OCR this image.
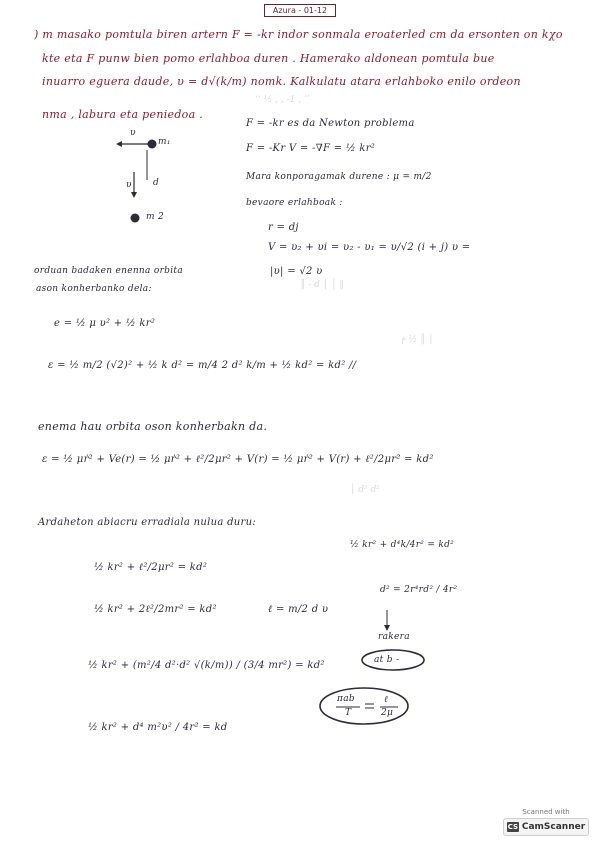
‘‘ ½ , , -1 , ’’
║ - d │ │ ‖
╒ ½ ║ │
│ d² d²
Azura - 01-12
) m masako pomtula biren artern F = -kr indor sonmala eroaterled cm da ersonten on kχo
kte eta F punw bien pomo erlahboa duren . Hamerako aldonean pomtula bue
inuarro eguera daude, υ = d√(k/m) nomk. Kalkulatu atara erlahboko enilo ordeon
nma , labura eta peniedoa .
υ
m₁
υ d
m 2
F = -kr es da Newton problema
F = -Kr V = -∇F = ½ kr²
Mara konporagamak durene : μ = m/2
bevaore erlahboak :
r = dj
V = υ₂ + υi = υ₂ - υ₁ = υ/√2 (i + j) υ =
|υ| = √2 υ
orduan badaken enenna orbita
ason konherbanko dela:
e = ½ μ υ² + ½ kr²
ε = ½ m/2 (√2)² + ½ k d² = m/4 2 d² k/m + ½ kd² = kd² //
enema hau orbita oson konherbakn da.
ε = ½ μṙ² + Ve(r) = ½ μṙ² + ℓ²/2μr² + V(r) = ½ μṙ² + V(r) + ℓ²/2μr² = kd²
Ardaheton abiacru erradiala nulua duru:
½ kr² + ℓ²/2μr² = kd²
½ kr² + 2ℓ²/2mr² = kd²	ℓ = m/2 d υ
½ kr² + (m²/4 d²·d² √(k/m)) / (3/4 mr²) = kd²
½ kr² + d⁴ m²υ² / 4r² = kd
½ kr² + d⁴k/4r² = kd²
d² = 2r⁴rd² / 4r²
rakera
at b -
πab
T
ℓ
2μ
Scanned with
CS CamScanner
